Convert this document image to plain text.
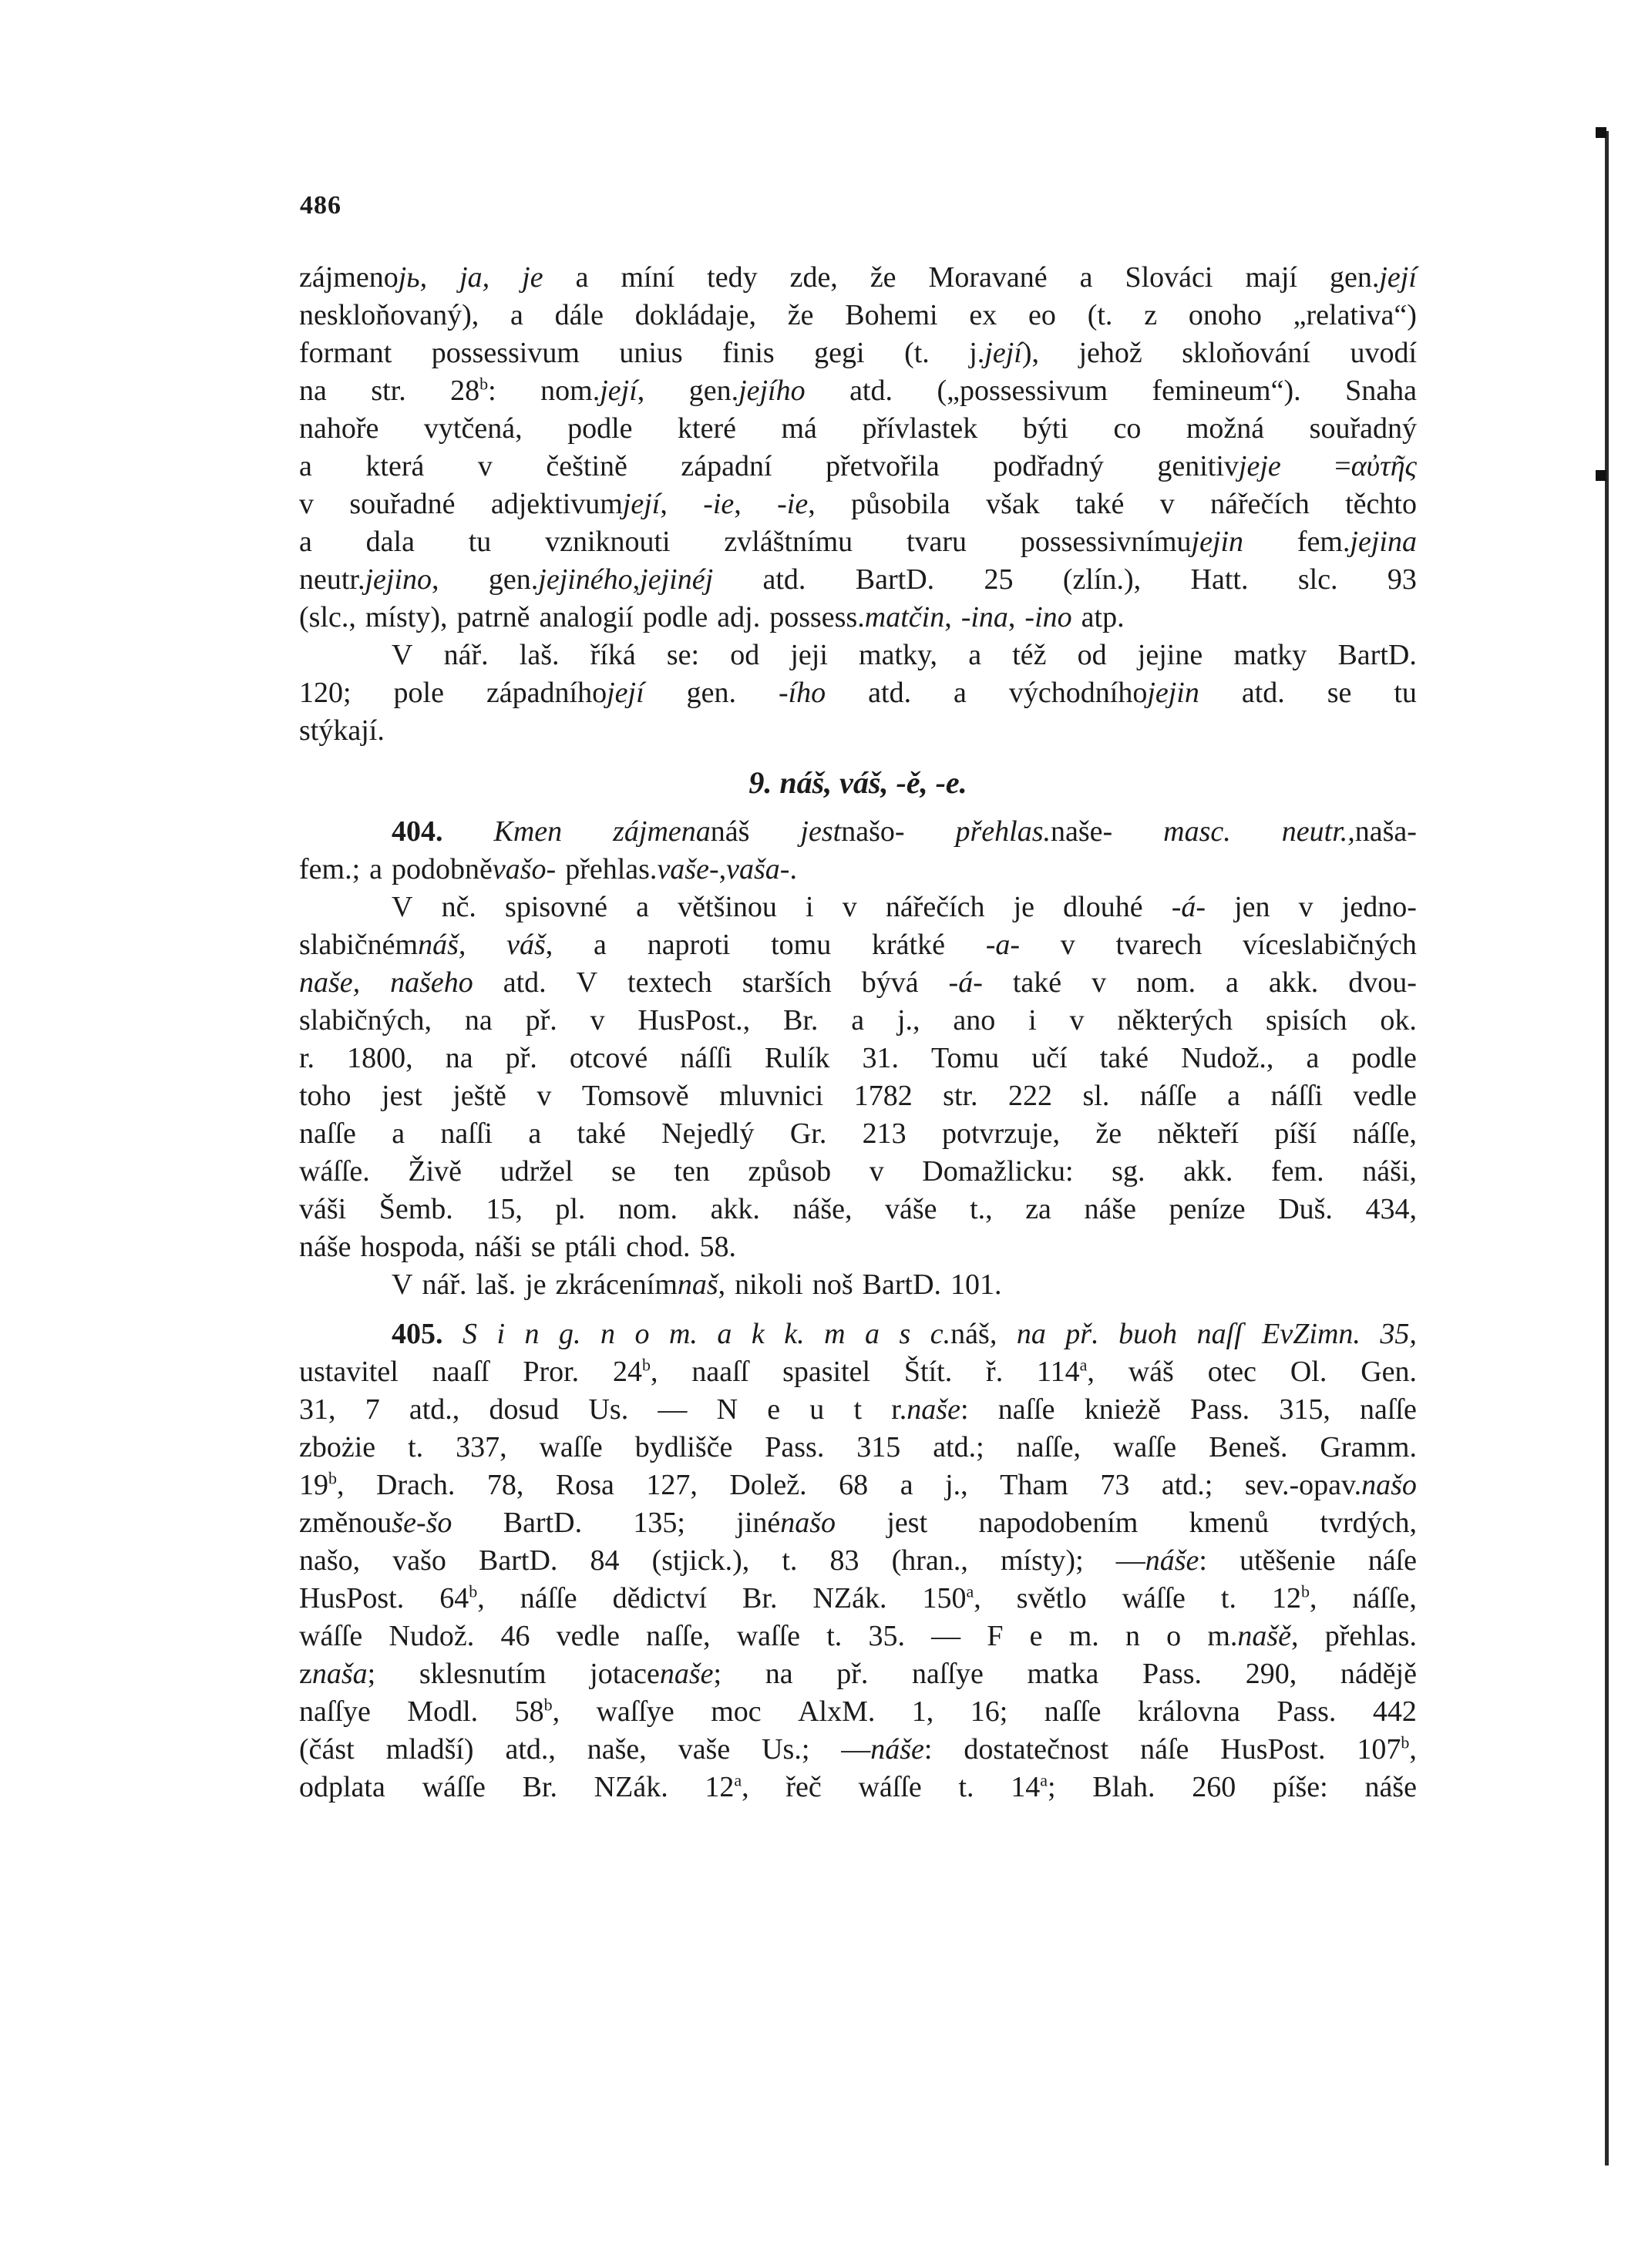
486
zájmenojь, ja, je a míní tedy zde, že Moravané a Slováci mají gen.její
neskloňovaný), a dále dokládaje, že Bohemi ex eo (t. z onoho „relativa“)
formant possessivum unius finis gegi (t. j.její), jehož skloňování uvodí
na str. 28$^b$: nom.její, gen.jejího atd. („possessivum femineum“). Snaha
nahoře vytčená, podle které má přívlastek býti co možná souřadný
a která v češtině západní přetvořila podřadný genitivjeje =αὐτῆς
v souřadné adjektivumjejí, -ie, -ie, působila však také v nářečích těchto
a dala tu vzniknouti zvláštnímu tvaru possessivnímujejin fem.jejina
neutr.jejino, gen.jejiného,jejinéj atd. BartD. 25 (zlín.), Hatt. slc. 93
(slc., místy), patrně analogií podle adj. possess.matčin, -ina, -ino atp.
V nář. laš. říká se: od jeji matky, a též od jejine matky BartD.
120; pole západníhojejí gen. -ího atd. a východníhojejin atd. se tu
stýkají.
9. náš, váš, -ě, -e.
404. Kmen zájmenanáš jestnašo- přehlas.naše- masc. neutr.,naša-
fem.; a podobněvašo- přehlas.vaše-,vaša-.
V nč. spisovné a většinou i v nářečích je dlouhé -á- jen v jedno-
slabičnémnáš, váš, a naproti tomu krátké -a- v tvarech víceslabičných
naše, našeho atd. V textech starších bývá -á- také v nom. a akk. dvou-
slabičných, na př. v HusPost., Br. a j., ano i v některých spisích ok.
r. 1800, na př. otcové náſſi Rulík 31. Tomu učí také Nudož., a podle
toho jest ještě v Tomsově mluvnici 1782 str. 222 sl. náſſe a náſſi vedle
naſſe a naſſi a také Nejedlý Gr. 213 potvrzuje, že někteří píší náſſe,
wáſſe. Živě udržel se ten způsob v Domažlicku: sg. akk. fem. náši,
váši Šemb. 15, pl. nom. akk. náše, váše t., za náše peníze Duš. 434,
náše hospoda, náši se ptáli chod. 58.
V nář. laš. je zkrácenímnaš, nikoli noš BartD. 101.
405. S i n g. n o m. a k k. m a s c.náš, na př. buoh naſſ EvZimn. 35,
ustavitel naaſſ Pror. 24$^b$, naaſſ spasitel Štít. ř. 114$^a$, wáš otec Ol. Gen.
31, 7 atd., dosud Us. — N e u t r.naše: naſſe knieżě Pass. 315, naſſe
zbożie t. 337, waſſe bydlišče Pass. 315 atd.; naſſe, waſſe Beneš. Gramm.
19$^b$, Drach. 78, Rosa 127, Dolež. 68 a j., Tham 73 atd.; sev.-opav.našo
změnouše-šo BartD. 135; jinénašo jest napodobením kmenů tvrdých,
našo, vašo BartD. 84 (stjick.), t. 83 (hran., místy); —náše: utěšenie náſe
HusPost. 64$^b$, náſſe dědictví Br. NZák. 150$^a$, světlo wáſſe t. 12$^b$, náſſe,
wáſſe Nudož. 46 vedle naſſe, waſſe t. 35. — F e m. n o m.našě, přehlas.
znaša; sklesnutím jotacenaše; na př. naſſye matka Pass. 290, nádějě
naſſye Modl. 58$^b$, waſſye moc AlxM. 1, 16; naſſe královna Pass. 442
(část mladší) atd., naše, vaše Us.; —náše: dostatečnost náſe HusPost. 107$^b$,
odplata wáſſe Br. NZák. 12$^a$, řeč wáſſe t. 14$^a$; Blah. 260 píše: náše
